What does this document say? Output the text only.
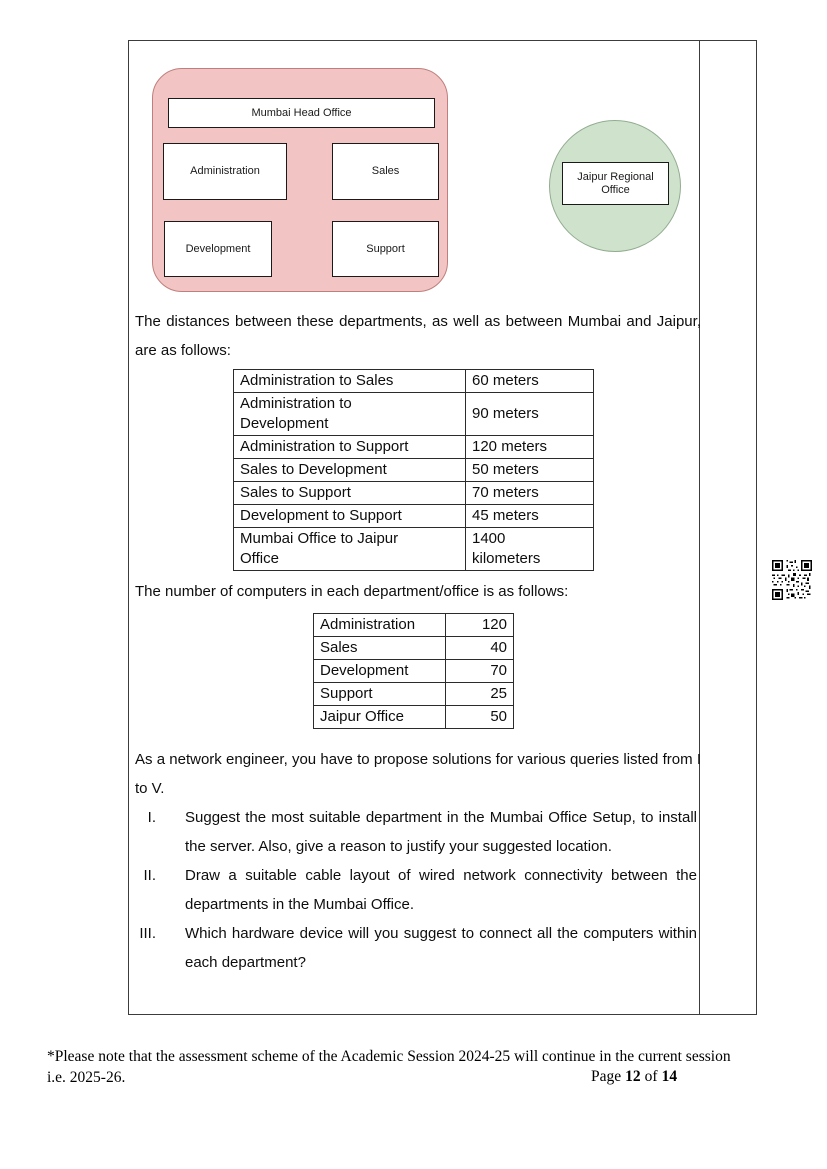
Mumbai Head Office
Administration	Sales
Development	Support
Jaipur Regional Office
The distances between these departments, as well as between Mumbai and Jaipur, are as follows:
Administration to Sales	60 meters
Administration to Development	90 meters
Administration to Support	120 meters
Sales to Development	50 meters
Sales to Support	70 meters
Development to Support	45 meters
Mumbai Office to Jaipur Office	1400 kilometers
The number of computers in each department/office is as follows:
Administration	120
Sales	40
Development	70
Support	25
Jaipur Office	50
As a network engineer, you have to propose solutions for various queries listed from I to V.
I. Suggest the most suitable department in the Mumbai Office Setup, to install the server. Also, give a reason to justify your suggested location.
II. Draw a suitable cable layout of wired network connectivity between the departments in the Mumbai Office.
III. Which hardware device will you suggest to connect all the computers within each department?
*Please note that the assessment scheme of the Academic Session 2024-25 will continue in the current session i.e. 2025-26.	Page 12 of 14
